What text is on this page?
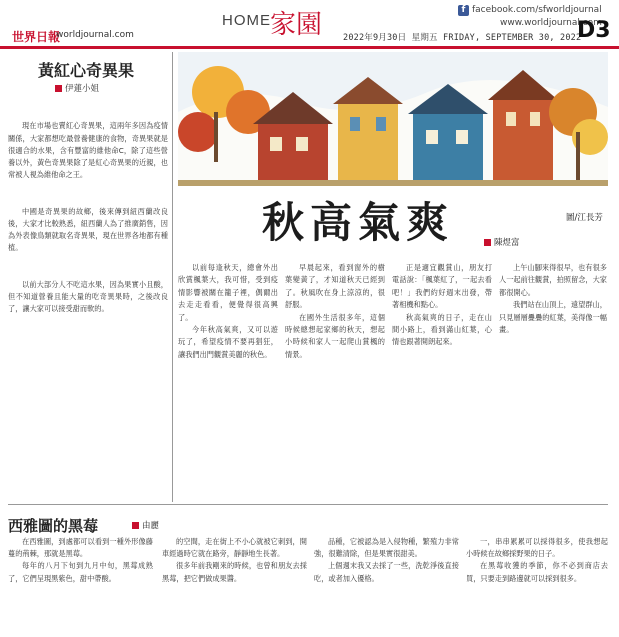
世界日報
worldjournal.com
HOME 家園	f facebook.com/sfworldjournal
www.worldjournal.com
2022年9月30日 星期五 FRIDAY, SEPTEMBER 30, 2022
D3
黃紅心奇異果
伊蓮小姐

現在市場也賣紅心奇異果，這兩年多因為疫情關係，大家都想吃最營養健康的食物，奇異果就是很適合的水果，含有豐富的維他命C，除了這些營養以外，黃色奇異果除了是紅心奇異果的近親，也常被人視為維他命之王。

中國是奇異果的故鄉，後來傳到紐西蘭改良後，大家才比較熟悉，紐西蘭人為了推廣銷售，因為外表像鳥類就取名奇異果，現在世界各地都有種植。

以前大部分人不吃這水果，因為果實小且酸，但不知道營養且能大量的吃奇異果時，之後改良了，讓大家可以接受甜而軟的。

圖/江長芳
秋高氣爽	陳煜富

以前每逢秋天，總會外出欣賞楓葉大，我可惜，受到疫情影響被關在籠子裡，偶爾出去走走看看，便覺得很高興了。

今年秋高氣爽，又可以遊玩了，希望疫情不要再猖狂，讓我們出門觀賞美麗的秋色。

早晨起來，看到窗外的樹葉變黃了，才知道秋天已經到了。秋風吹在身上涼涼的，很舒服。

在國外生活很多年，這個時候總想起家鄉的秋天，想起小時候和家人一起爬山賞楓的情景。

正是適宜觀賞山，朋友打電話說：「楓葉紅了，一起去看吧！」我們約好週末出發，帶著相機和點心。

秋高氣爽的日子，走在山間小路上，看到滿山紅葉，心情也跟著開朗起來。

上午山腳來得很早，也有很多人一起前往觀賞，拍照留念，大家都很開心。

我們站在山頂上，遠望群山，只見層層疊疊的紅葉，美得像一幅畫。

西雅圖的黑莓	由麗

在西雅圖，到處都可以看到一種外形像藤蔓的荊棘，那就是黑莓。

每年的八月下旬到九月中旬，黑莓成熟了，它們呈現黑紫色，甜中帶酸。

的空間，走在街上不小心就被它刺到，開車經過時它就在路旁，靜靜地生長著。

很多年前我剛來的時候，也曾和朋友去採黑莓，把它們做成果醬。

品種，它被認為是入侵物種，繁殖力非常強，很難清除，但是果實很甜美。

上個週末我又去採了一些，洗乾淨後直接吃，或者加入優格。

一，串串累累可以採得很多，使我想起小時候在故鄉採野果的日子。

在黑莓收獲的季節，你不必到商店去買，只要走到路邊就可以採到很多。
